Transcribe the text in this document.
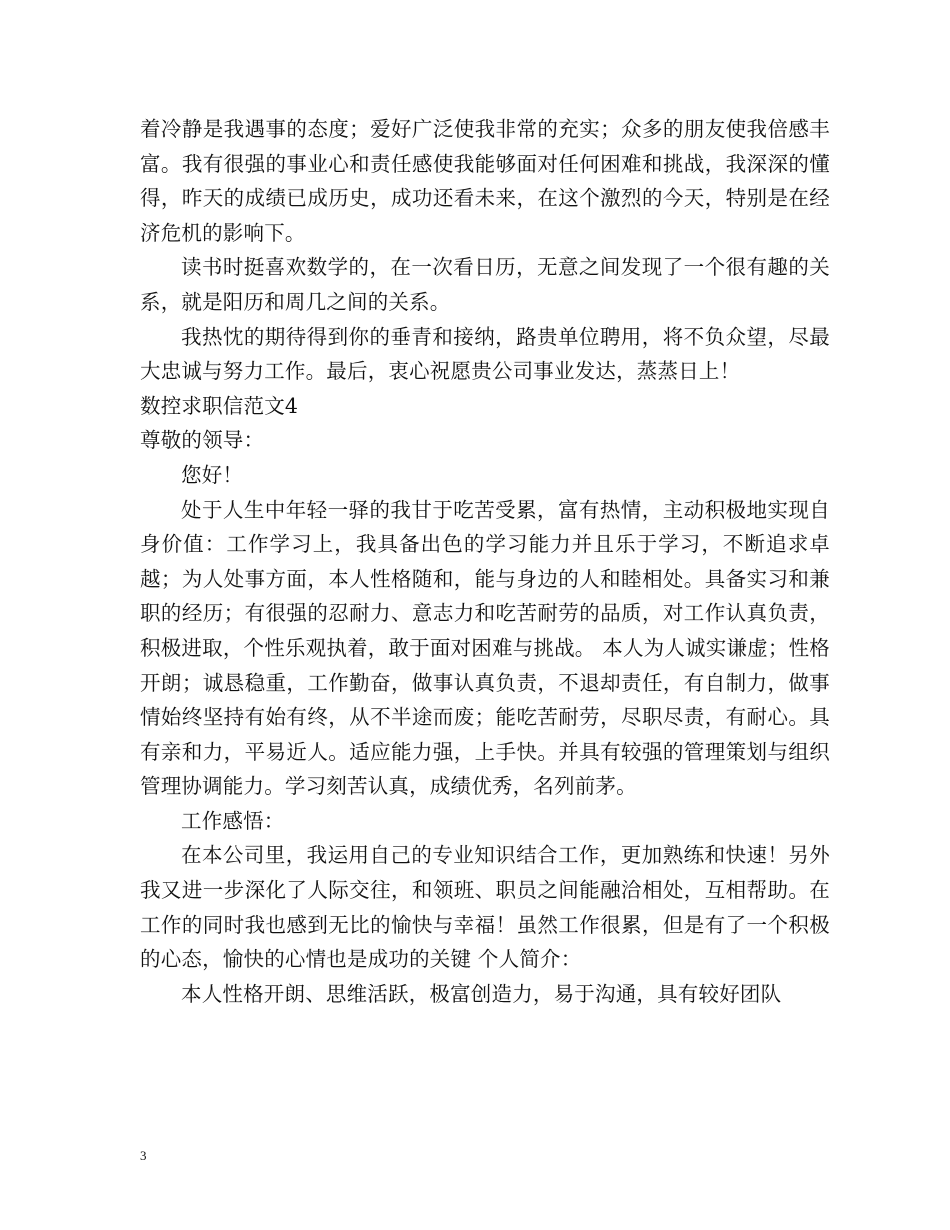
着冷静是我遇事的态度；爱好广泛使我非常的充实；众多的朋友使我倍感丰富。我有很强的事业心和责任感使我能够面对任何困难和挑战，我深深的懂得，昨天的成绩已成历史，成功还看未来，在这个激烈的今天，特别是在经济危机的影响下。

读书时挺喜欢数学的，在一次看日历，无意之间发现了一个很有趣的关系，就是阳历和周几之间的关系。

我热忱的期待得到你的垂青和接纳，路贵单位聘用，将不负众望，尽最大忠诚与努力工作。最后，衷心祝愿贵公司事业发达，蒸蒸日上！

数控求职信范文4

尊敬的领导：

您好！

处于人生中年轻一驿的我甘于吃苦受累，富有热情，主动积极地实现自身价值：工作学习上，我具备出色的学习能力并且乐于学习，不断追求卓越；为人处事方面，本人性格随和，能与身边的人和睦相处。具备实习和兼职的经历；有很强的忍耐力、意志力和吃苦耐劳的品质，对工作认真负责，积极进取，个性乐观执着，敢于面对困难与挑战。 本人为人诚实谦虚；性格开朗；诚恳稳重，工作勤奋，做事认真负责，不退却责任，有自制力，做事情始终坚持有始有终，从不半途而废；能吃苦耐劳，尽职尽责，有耐心。具有亲和力，平易近人。适应能力强，上手快。并具有较强的管理策划与组织管理协调能力。学习刻苦认真，成绩优秀，名列前茅。

工作感悟：

在本公司里，我运用自己的专业知识结合工作，更加熟练和快速！另外我又进一步深化了人际交往，和领班、职员之间能融洽相处，互相帮助。在工作的同时我也感到无比的愉快与幸福！虽然工作很累，但是有了一个积极的心态，愉快的心情也是成功的关键 个人简介：

本人性格开朗、思维活跃，极富创造力，易于沟通，具有较好团队

3
